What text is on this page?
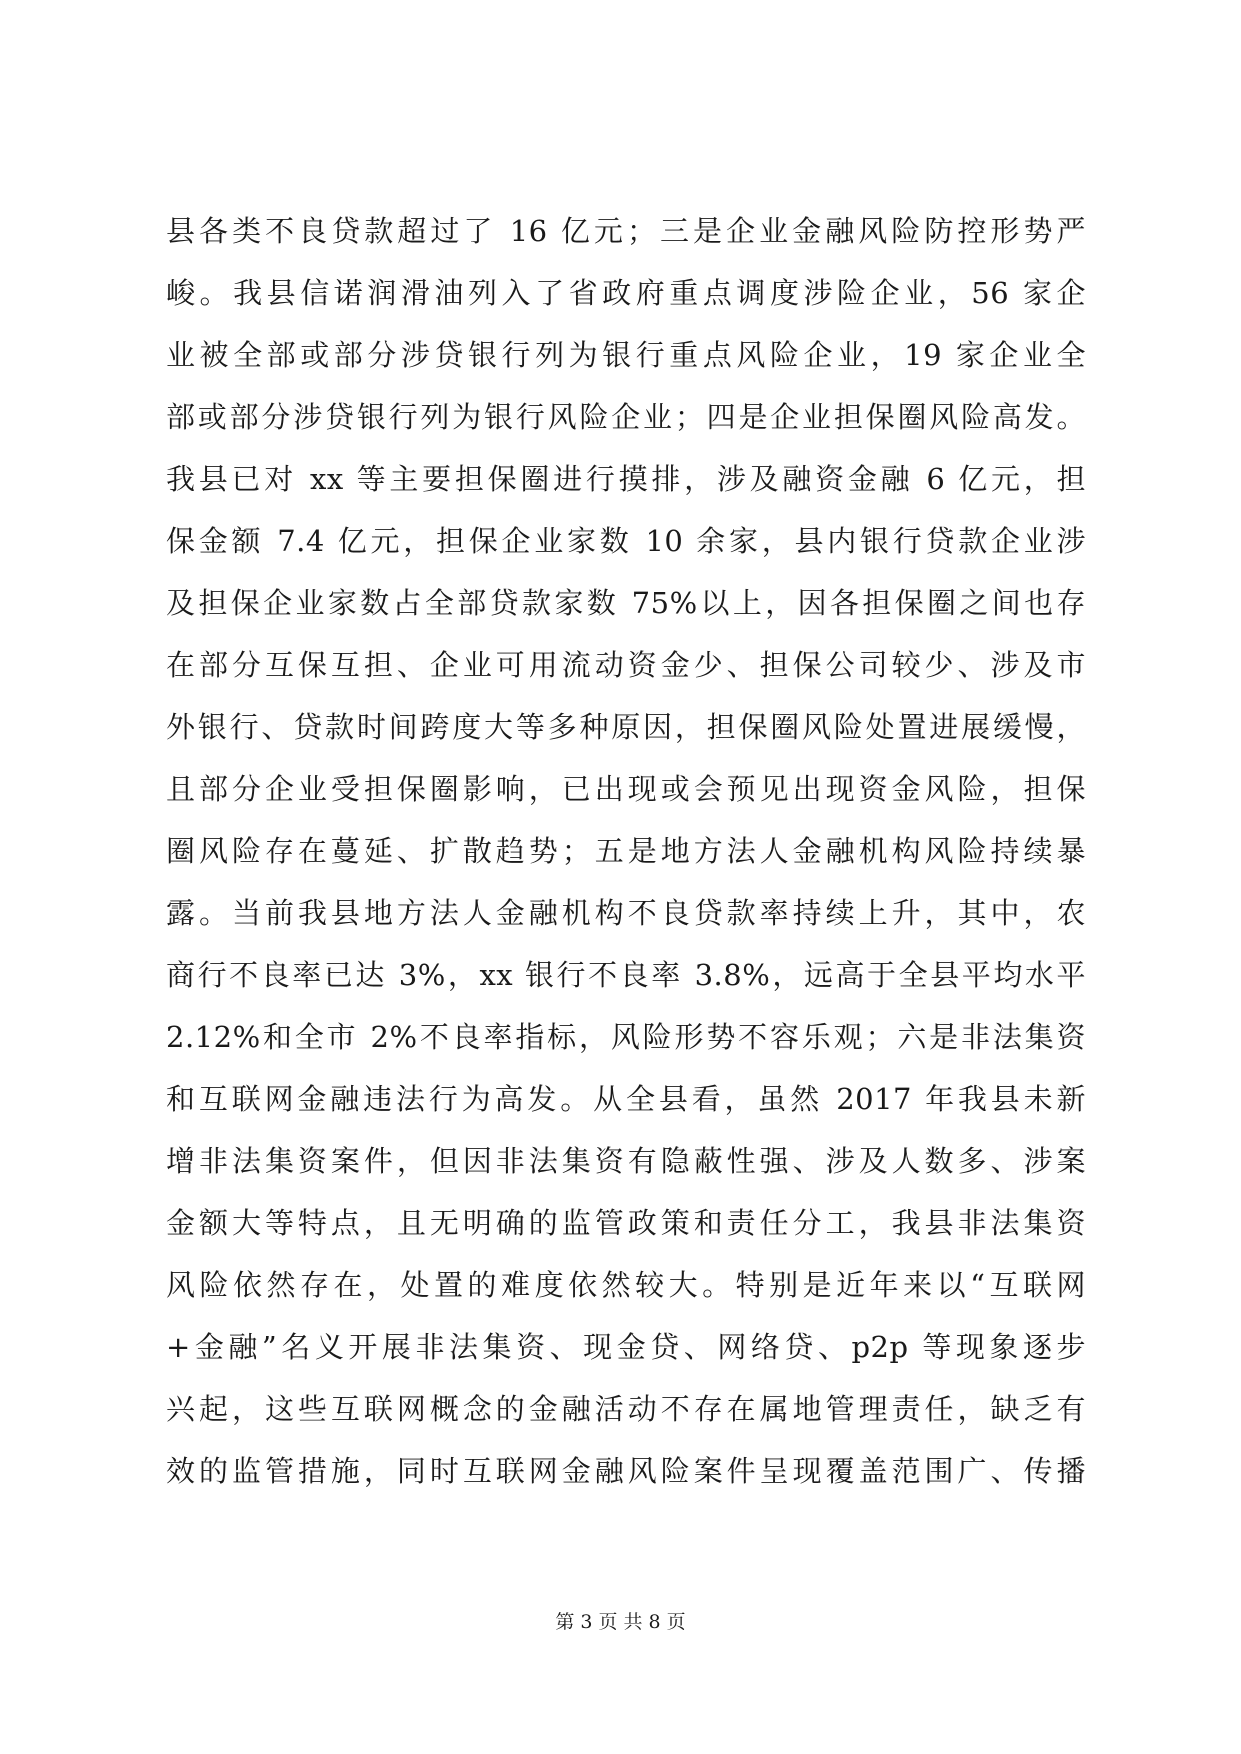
县各类不良贷款超过了 16 亿元；三是企业金融风险防控形势严
峻。我县信诺润滑油列入了省政府重点调度涉险企业，56 家企
业被全部或部分涉贷银行列为银行重点风险企业，19 家企业全
部或部分涉贷银行列为银行风险企业；四是企业担保圈风险高发。
我县已对 xx 等主要担保圈进行摸排，涉及融资金融 6 亿元，担
保金额 7.4 亿元，担保企业家数 10 余家，县内银行贷款企业涉
及担保企业家数占全部贷款家数 75%以上，因各担保圈之间也存
在部分互保互担、企业可用流动资金少、担保公司较少、涉及市
外银行、贷款时间跨度大等多种原因，担保圈风险处置进展缓慢，
且部分企业受担保圈影响，已出现或会预见出现资金风险，担保
圈风险存在蔓延、扩散趋势；五是地方法人金融机构风险持续暴
露。当前我县地方法人金融机构不良贷款率持续上升，其中，农
商行不良率已达 3%，xx 银行不良率 3.8%，远高于全县平均水平
2.12%和全市 2%不良率指标，风险形势不容乐观；六是非法集资
和互联网金融违法行为高发。从全县看，虽然 2017 年我县未新
增非法集资案件，但因非法集资有隐蔽性强、涉及人数多、涉案
金额大等特点，且无明确的监管政策和责任分工，我县非法集资
风险依然存在，处置的难度依然较大。特别是近年来以“互联网
+金融”名义开展非法集资、现金贷、网络贷、p2p 等现象逐步
兴起，这些互联网概念的金融活动不存在属地管理责任，缺乏有
效的监管措施，同时互联网金融风险案件呈现覆盖范围广、传播
第 3 页 共 8 页
